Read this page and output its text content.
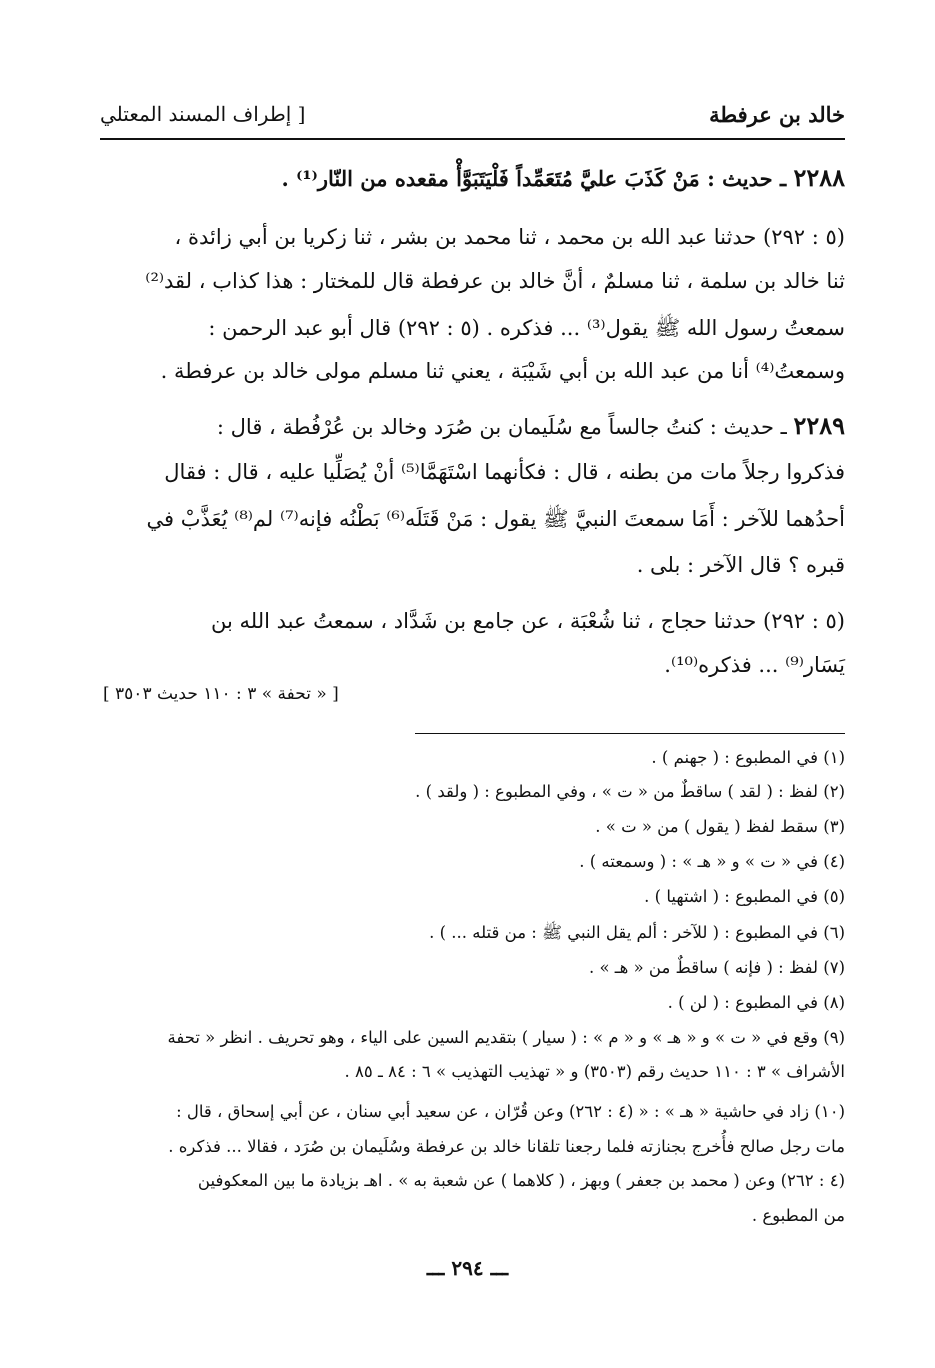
خالد بن عرفطة
[ إطراف المسند المعتلي
٢٢٨٨ ـ حديث : مَنْ كَذَبَ عليَّ مُتَعَمِّداً فَلْيَتَبَوَّأْ مقعده من النّار⁽¹⁾ .
(٥ : ٢٩٢) حدثنا عبد الله بن محمد ، ثنا محمد بن بشر ، ثنا زكريا بن أبي زائدة ،
ثنا خالد بن سلمة ، ثنا مسلمٌ ، أنَّ خالد بن عرفطة قال للمختار : هذا كذاب ، لقد⁽²⁾
سمعتُ رسول الله ﷺ يقول⁽³⁾ ... فذكره . (٥ : ٢٩٢) قال أبو عبد الرحمن :
وسمعتُ⁽⁴⁾ أنا من عبد الله بن أبي شَيْبَة ، يعني ثنا مسلم مولى خالد بن عرفطة .
٢٢٨٩ ـ حديث : كنتُ جالساً مع سُلَيمان بن صُرَد وخالد بن عُرْفُطة ، قال :
فذكروا رجلاً مات من بطنه ، قال : فكأنهما اسْتَهَمَّا⁽⁵⁾ أنْ يُصَلِّيا عليه ، قال : فقال
أحدُهما للآخر : أَمَا سمعتَ النبيَّ ﷺ يقول : مَنْ قَتَلَه⁽⁶⁾ بَطْنُه فإنه⁽⁷⁾ لم⁽⁸⁾ يُعَذَّبْ في
قبره ؟ قال الآخر : بلى .
(٥ : ٢٩٢) حدثنا حجاج ، ثنا شُعْبَة ، عن جامع بن شَدَّاد ، سمعتُ عبد الله بن
يَسَار⁽⁹⁾ ... فذكره⁽¹⁰⁾.
[ « تحفة » ٣ : ١١٠ حديث ٣٥٠٣ ]
(١) في المطبوع : ( جهنم ) .
(٢) لفظ : ( لقد ) ساقطٌ من « ت » ، وفي المطبوع : ( ولقد ) .
(٣) سقط لفظ ( يقول ) من « ت » .
(٤) في « ت » و « هـ » : ( وسمعته ) .
(٥) في المطبوع : ( اشتهيا ) .
(٦) في المطبوع : ( للآخر : ألم يقل النبي ﷺ : من قتله ... ) .
(٧) لفظ : ( فإنه ) ساقطٌ من « هـ » .
(٨) في المطبوع : ( لن ) .
(٩) وقع في « ت » و « هـ » و « م » : ( سيار ) بتقديم السين على الياء ، وهو تحريف . انظر « تحفة
الأشراف » ٣ : ١١٠ حديث رقم (٣٥٠٣) و « تهذيب التهذيب » ٦ : ٨٤ ـ ٨٥ .
(١٠) زاد في حاشية « هـ » : « (٤ : ٢٦٢) وعن قُرّان ، عن سعيد أبي سنان ، عن أبي إسحاق ، قال :
مات رجل صالح فأُخرج بجنازته فلما رجعنا تلقانا خالد بن عرفطة وسُلَيمان بن صُرَد ، فقالا ... فذكره .
(٤ : ٢٦٢) وعن ( محمد بن جعفر ) وبهز ، ( كلاهما ) عن شعبة به » . اهـ بزيادة ما بين المعكوفين
من المطبوع .
ـــ ٢٩٤ ـــ
